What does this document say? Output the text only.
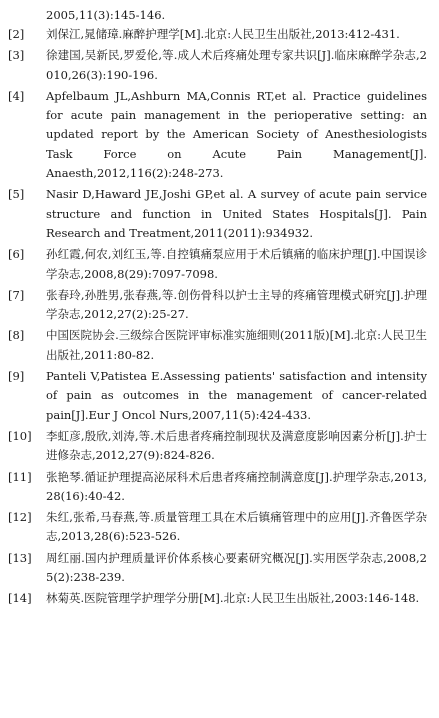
2005,11(3):145-146.
[2]	刘保江,晁储璋.麻醉护理学[M].北京:人民卫生出版社,2013:412-431.
[3]	徐建国,吴新民,罗爱伦,等.成人术后疼痛处理专家共识[J].临床麻醉学杂志,2010,26(3):190-196.
[4]	Apfelbaum JL,Ashburn MA,Connis RT,et al. Practice guidelines for acute pain management in the perioperative setting: an updated report by the American Society of Anesthesiologists Task Force on Acute Pain Management[J]. Anaesth,2012,116(2):248-273.
[5]	Nasir D,Haward JE,Joshi GP,et al. A survey of acute pain service structure and function in United States Hospitals[J]. Pain Research and Treatment,2011(2011):934932.
[6]	孙红霞,何农,刘红玉,等.自控镇痛泵应用于术后镇痛的临床护理[J].中国误诊学杂志,2008,8(29):7097-7098.
[7]	张春玲,孙胜男,张春燕,等.创伤骨科以护士主导的疼痛管理模式研究[J].护理学杂志,2012,27(2):25-27.
[8]	中国医院协会.三级综合医院评审标准实施细则(2011版)[M].北京:人民卫生出版社,2011:80-82.
[9]	Panteli V,Patistea E.Assessing patients' satisfaction and intensity of pain as outcomes in the management of cancer-related pain[J].Eur J Oncol Nurs,2007,11(5):424-433.
[10]	李虹彦,殷欣,刘涛,等.术后患者疼痛控制现状及满意度影响因素分析[J].护士进修杂志,2012,27(9):824-826.
[11]	张艳琴.循证护理提高泌尿科术后患者疼痛控制满意度[J].护理学杂志,2013,28(16):40-42.
[12]	朱红,张希,马春燕,等.质量管理工具在术后镇痛管理中的应用[J].齐鲁医学杂志,2013,28(6):523-526.
[13]	周红丽.国内护理质量评价体系核心要素研究概况[J].实用医学杂志,2008,25(2):238-239.
[14]	林菊英.医院管理学护理学分册[M].北京:人民卫生出版社,2003:146-148.
